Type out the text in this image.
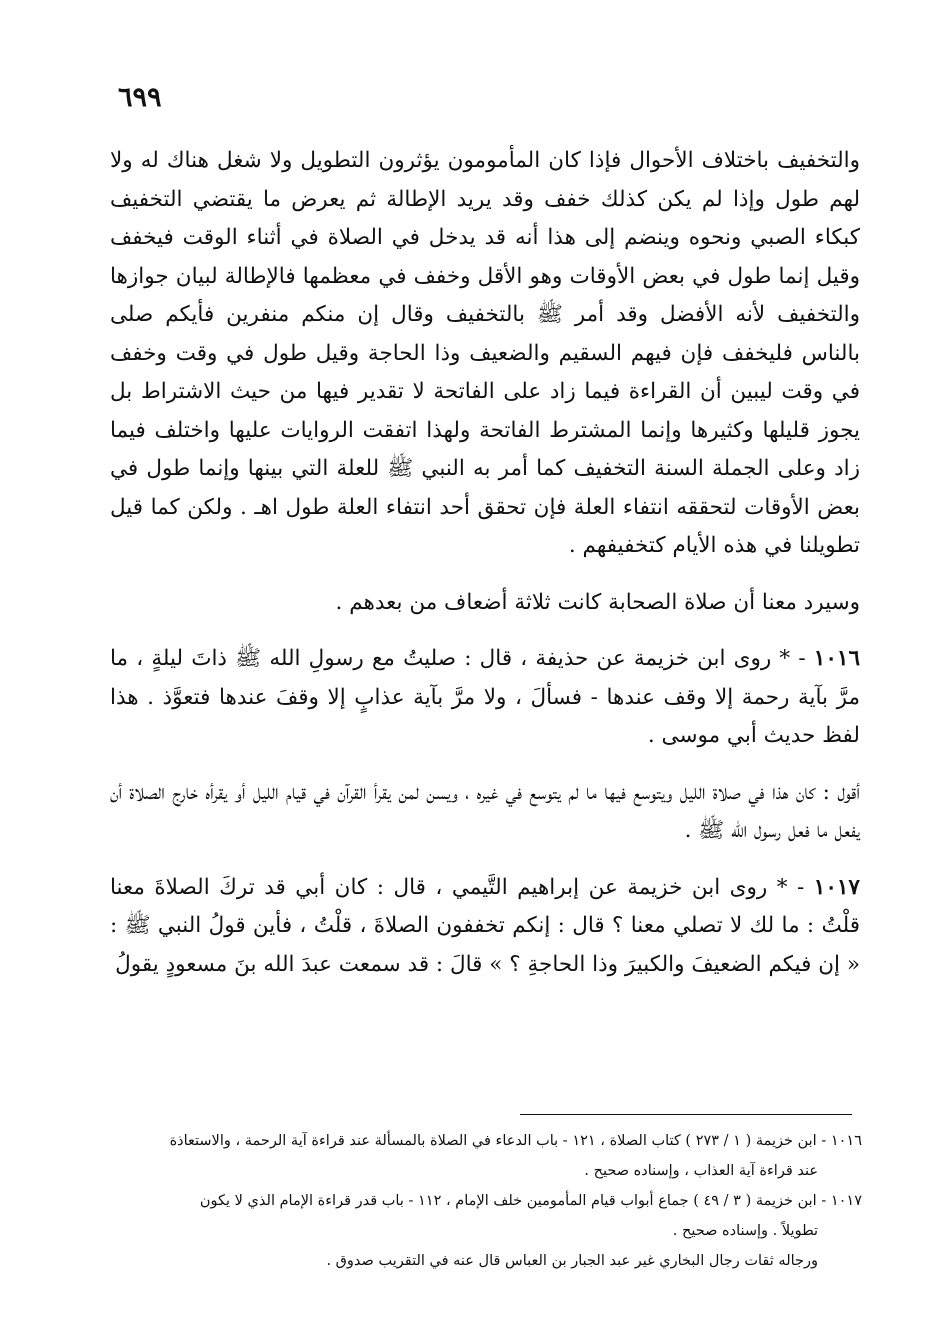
٦٩٩

والتخفيف باختلاف الأحوال فإذا كان المأمومون يؤثرون التطويل ولا شغل هناك له ولا لهم طول وإذا لم يكن كذلك خفف وقد يريد الإطالة ثم يعرض ما يقتضي التخفيف كبكاء الصبي ونحوه وينضم إلى هذا أنه قد يدخل في الصلاة في أثناء الوقت فيخفف وقيل إنما طول في بعض الأوقات وهو الأقل وخفف في معظمها فالإطالة لبيان جوازها والتخفيف لأنه الأفضل وقد أمر ﷺ بالتخفيف وقال إن منكم منفرين فأيكم صلى بالناس فليخفف فإن فيهم السقيم والضعيف وذا الحاجة وقيل طول في وقت وخفف في وقت ليبين أن القراءة فيما زاد على الفاتحة لا تقدير فيها من حيث الاشتراط بل يجوز قليلها وكثيرها وإنما المشترط الفاتحة ولهذا اتفقت الروايات عليها واختلف فيما زاد وعلى الجملة السنة التخفيف كما أمر به النبي ﷺ للعلة التي بينها وإنما طول في بعض الأوقات لتحققه انتفاء العلة فإن تحقق أحد انتفاء العلة طول اهـ . ولكن كما قيل تطويلنا في هذه الأيام كتخفيفهم .

وسيرد معنا أن صلاة الصحابة كانت ثلاثة أضعاف من بعدهم .

١٠١٦ - * روى ابن خزيمة عن حذيفة ، قال : صليتُ مع رسولِ الله ﷺ ذاتَ ليلةٍ ، ما مرَّ بآية رحمة إلا وقف عندها - فسألَ ، ولا مرَّ بآية عذابٍ إلا وقفَ عندها فتعوَّذ . هذا لفظ حديث أبي موسى .

أقول : كان هذا في صلاة الليل ويتوسع فيها ما لم يتوسع في غيره ، ويسن لمن يقرأ القرآن في قيام الليل أو يقرأه خارج الصلاة أن يفعل ما فعل رسول الله ﷺ .

١٠١٧ - * روى ابن خزيمة عن إبراهيم التَّيمي ، قال : كان أبي قد تركَ الصلاةَ معنا قلْتُ : ما لك لا تصلي معنا ؟ قال : إنكم تخففون الصلاةَ ، قلْتُ ، فأين قولُ النبي ﷺ : « إن فيكم الضعيفَ والكبيرَ وذا الحاجةِ ؟ » قالَ : قد سمعت عبدَ الله بنَ مسعودٍ يقولُ

١٠١٦ - ابن خزيمة ( ١ / ٢٧٣ ) كتاب الصلاة ، ١٢١ - باب الدعاء في الصلاة بالمسألة عند قراءة آية الرحمة ، والاستعاذة

عند قراءة آية العذاب ، وإسناده صحيح .

١٠١٧ - ابن خزيمة ( ٣ / ٤٩ ) جماع أبواب قيام المأمومين خلف الإمام ، ١١٢ - باب قدر قراءة الإمام الذي لا يكون

تطويلاً . وإسناده صحيح .

ورجاله ثقات رجال البخاري غير عبد الجبار بن العباس قال عنه في التقريب صدوق .
